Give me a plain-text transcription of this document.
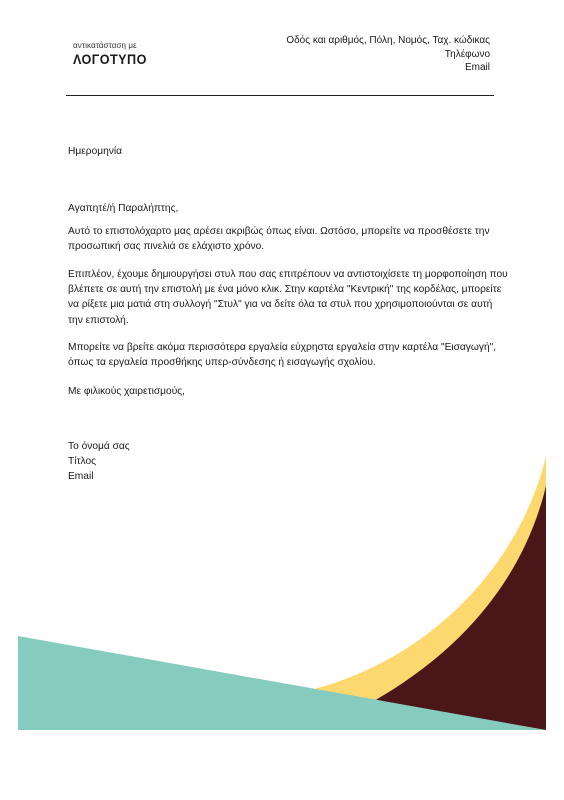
αντικατάσταση με
ΛΟΓΟΤΥΠΟ
Οδός και αριθμός, Πόλη, Νομός, Ταχ. κώδικας
Τηλέφωνο
Email

Ημερομηνία

Αγαπητέ/ή Παραλήπτης,

Αυτό το επιστολόχαρτο μας αρέσει ακριβώς όπως είναι. Ωστόσο, μπορείτε να προσθέσετε την προσωπική σας πινελιά σε ελάχιστο χρόνο.

Επιπλέον, έχουμε δημιουργήσει στυλ που σας επιτρέπουν να αντιστοιχίσετε τη μορφοποίηση που βλέπετε σε αυτή την επιστολή με ένα μόνο κλικ. Στην καρτέλα "Κεντρική" της κορδέλας, μπορείτε να ρίξετε μια ματιά στη συλλογή "Στυλ" για να δείτε όλα τα στυλ που χρησιμοποιούνται σε αυτή την επιστολή.

Μπορείτε να βρείτε ακόμα περισσότερα εργαλεία εύχρηστα εργαλεία στην καρτέλα "Εισαγωγή", όπως τα εργαλεία προσθήκης υπερ-σύνδεσης ή εισαγωγής σχολίου.

Με φιλικούς χαιρετισμούς,

Το όνομά σας

Τίτλος

Email
